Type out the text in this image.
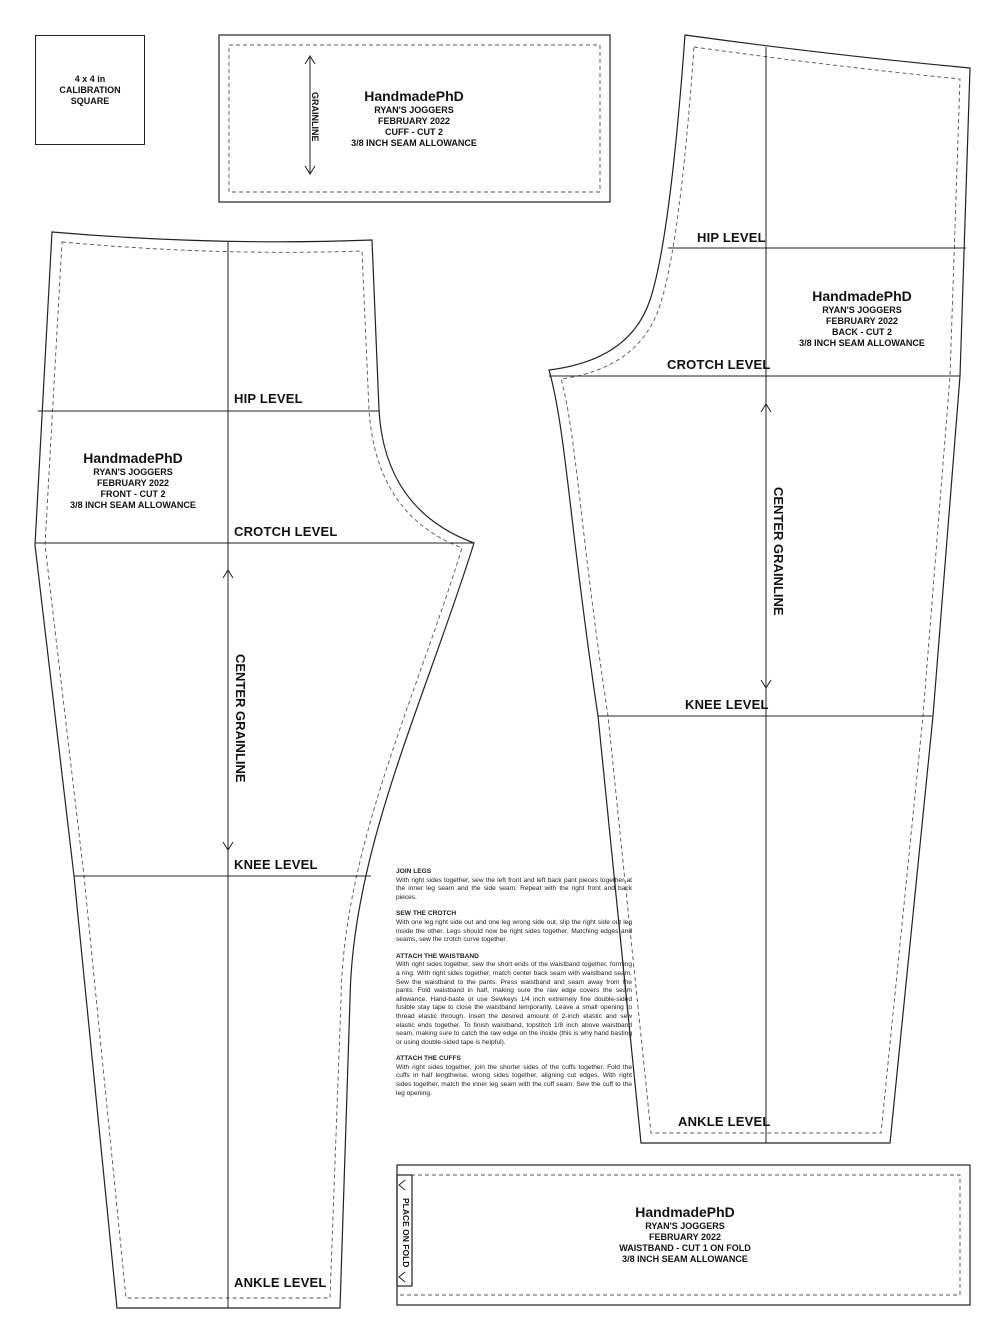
4 x 4 in
CALIBRATION
SQUARE	HandmadePhD
RYAN'S JOGGERS
FEBRUARY 2022
CUFF - CUT 2
3/8 INCH SEAM ALLOWANCE
GRAINLINE
HandmadePhD
RYAN'S JOGGERS
FEBRUARY 2022
FRONT - CUT 2
3/8 INCH SEAM ALLOWANCE
HIP LEVEL
CROTCH LEVEL
KNEE LEVEL
ANKLE LEVEL
CENTER GRAINLINE
HandmadePhD
RYAN'S JOGGERS
FEBRUARY 2022
BACK - CUT 2
3/8 INCH SEAM ALLOWANCE
HIP LEVEL
CROTCH LEVEL
KNEE LEVEL
ANKLE LEVEL
CENTER GRAINLINE
HandmadePhD
RYAN'S JOGGERS
FEBRUARY 2022
WAISTBAND - CUT 1 ON FOLD
3/8 INCH SEAM ALLOWANCE
PLACE ON FOLD
JOIN LEGS
With right sides together, sew the left front and left back pant pieces together at the inner leg seam and the side seam. Repeat with the right front and back pieces.
SEW THE CROTCH
With one leg right side out and one leg wrong side out, slip the right side out leg inside the other. Legs should now be right sides together. Matching edges and seams, sew the crotch curve together.
ATTACH THE WAISTBAND
With right sides together, sew the short ends of the waistband together, forming a ring. With right sides together, match center back seam with waistband seam. Sew the waistband to the pants. Press waistband and seam away from the pants. Fold waistband in half, making sure the raw edge covers the seam allowance. Hand-baste or use Sewkeys 1/4 inch extremely fine double-sided fusible stay tape to close the waistband temporarily. Leave a small opening to thread elastic through. Insert the desired amount of 2-inch elastic and sew elastic ends together. To finish waistband, topstitch 1/8 inch above waistband seam, making sure to catch the raw edge on the inside (this is why hand basting or using double-sided tape is helpful).
ATTACH THE CUFFS
With right sides together, join the shorter sides of the cuffs together. Fold the cuffs in half lengthwise, wrong sides together, aligning cut edges. With right sides together, match the inner leg seam with the cuff seam. Sew the cuff to the leg opening.
